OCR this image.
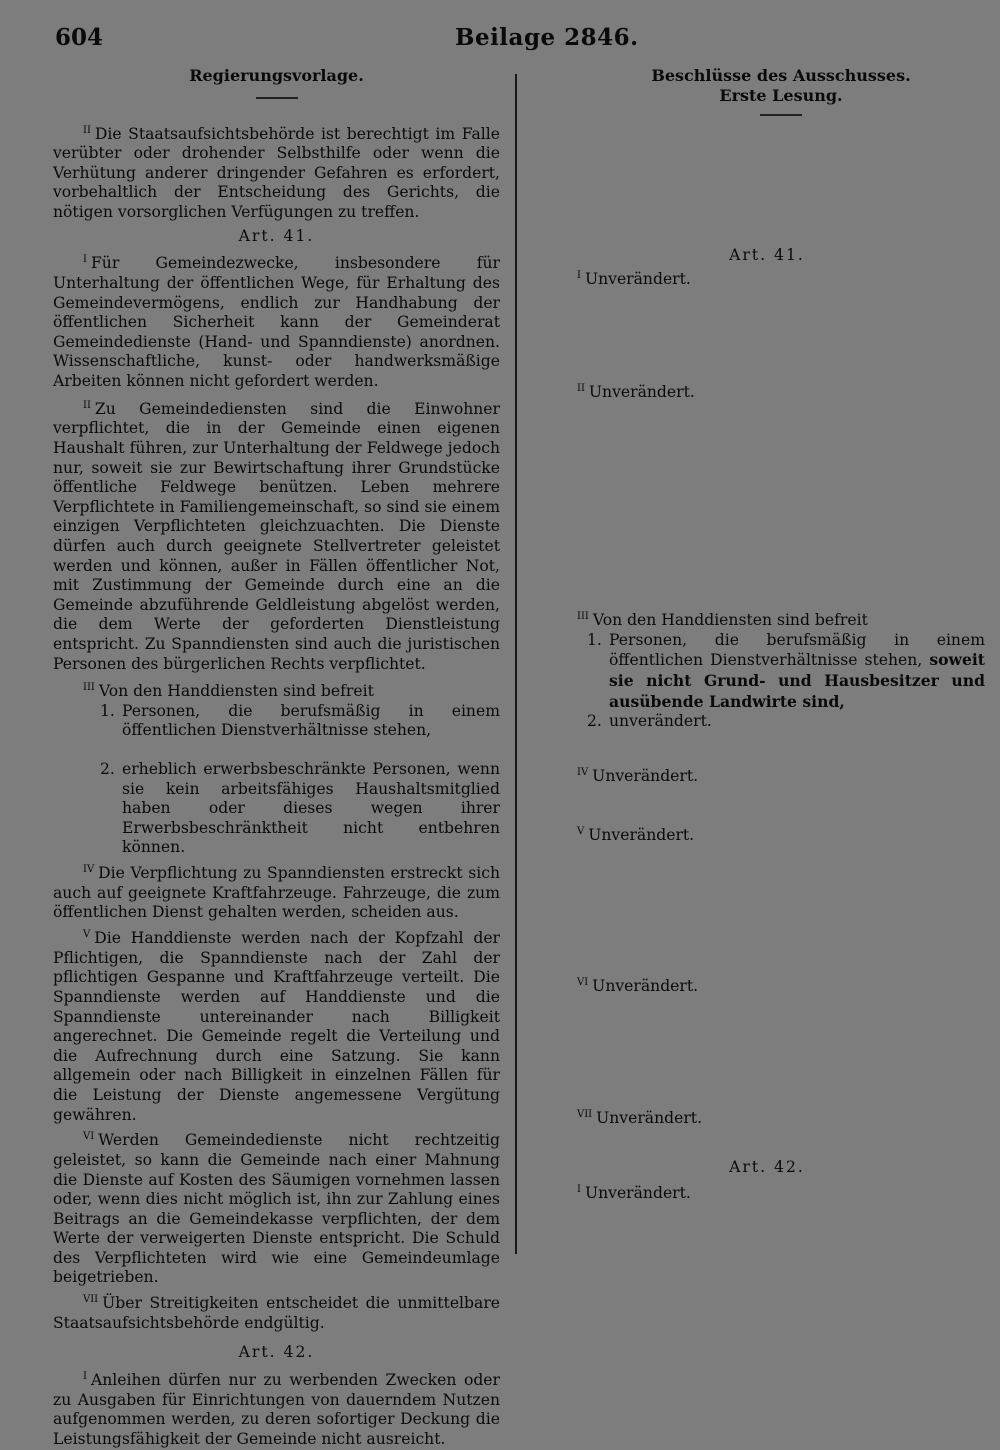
604	Beilage 2846.
Regierungsvorlage.

$^{II}$ Die Staatsaufsichtsbehörde ist berechtigt im Falle verübter oder drohender Selbsthilfe oder wenn die Verhütung anderer dringender Gefahren es erfordert, vorbehaltlich der Entscheidung des Gerichts, die nötigen vorsorglichen Verfügungen zu treffen.

Art. 41.

$^I$ Für Gemeindezwecke, insbesondere für Unterhaltung der öffentlichen Wege, für Erhaltung des Gemeindevermögens, endlich zur Handhabung der öffentlichen Sicherheit kann der Gemeinderat Gemeindedienste (Hand- und Spanndienste) anordnen. Wissenschaftliche, kunst- oder handwerksmäßige Arbeiten können nicht gefordert werden.

$^{II}$ Zu Gemeindediensten sind die Einwohner verpflichtet, die in der Gemeinde einen eigenen Haushalt führen, zur Unterhaltung der Feldwege jedoch nur, soweit sie zur Bewirtschaftung ihrer Grundstücke öffentliche Feldwege benützen. Leben mehrere Verpflichtete in Familiengemeinschaft, so sind sie einem einzigen Verpflichteten gleichzuachten. Die Dienste dürfen auch durch geeignete Stellvertreter geleistet werden und können, außer in Fällen öffentlicher Not, mit Zustimmung der Gemeinde durch eine an die Gemeinde abzuführende Geldleistung abgelöst werden, die dem Werte der geforderten Dienstleistung entspricht. Zu Spanndiensten sind auch die juristischen Personen des bürgerlichen Rechts verpflichtet.

$^{III}$ Von den Handdiensten sind befreit

1. Personen, die berufsmäßig in einem öffentlichen Dienstverhältnisse stehen,
2. erheblich erwerbsbeschränkte Personen, wenn sie kein arbeitsfähiges Haushaltsmitglied haben oder dieses wegen ihrer Erwerbsbeschränktheit nicht entbehren können.

$^{IV}$ Die Verpflichtung zu Spanndiensten erstreckt sich auch auf geeignete Kraftfahrzeuge. Fahrzeuge, die zum öffentlichen Dienst gehalten werden, scheiden aus.

$^V$ Die Handdienste werden nach der Kopfzahl der Pflichtigen, die Spanndienste nach der Zahl der pflichtigen Gespanne und Kraftfahrzeuge verteilt. Die Spanndienste werden auf Handdienste und die Spanndienste untereinander nach Billigkeit angerechnet. Die Gemeinde regelt die Verteilung und die Aufrechnung durch eine Satzung. Sie kann allgemein oder nach Billigkeit in einzelnen Fällen für die Leistung der Dienste angemessene Vergütung gewähren.

$^{VI}$ Werden Gemeindedienste nicht rechtzeitig geleistet, so kann die Gemeinde nach einer Mahnung die Dienste auf Kosten des Säumigen vornehmen lassen oder, wenn dies nicht möglich ist, ihn zur Zahlung eines Beitrags an die Gemeindekasse verpflichten, der dem Werte der verweigerten Dienste entspricht. Die Schuld des Verpflichteten wird wie eine Gemeindeumlage beigetrieben.

$^{VII}$ Über Streitigkeiten entscheidet die unmittelbare Staatsaufsichtsbehörde endgültig.

Art. 42.

$^I$ Anleihen dürfen nur zu werbenden Zwecken oder zu Ausgaben für Einrichtungen von dauerndem Nutzen aufgenommen werden, zu deren sofortiger Deckung die Leistungsfähigkeit der Gemeinde nicht ausreicht.

Beschlüsse des Ausschusses.
Erste Lesung.
Art. 41.
$^I$ Unverändert.
$^{II}$ Unverändert.
$^{III}$ Von den Handdiensten sind befreit
1. Personen, die berufsmäßig in einem öffentlichen Dienstverhältnisse stehen, soweit sie nicht Grund- und Hausbesitzer und ausübende Landwirte sind,
2. unverändert.
$^{IV}$ Unverändert.
$^V$ Unverändert.
$^{VI}$ Unverändert.
$^{VII}$ Unverändert.
Art. 42.
$^I$ Unverändert.
